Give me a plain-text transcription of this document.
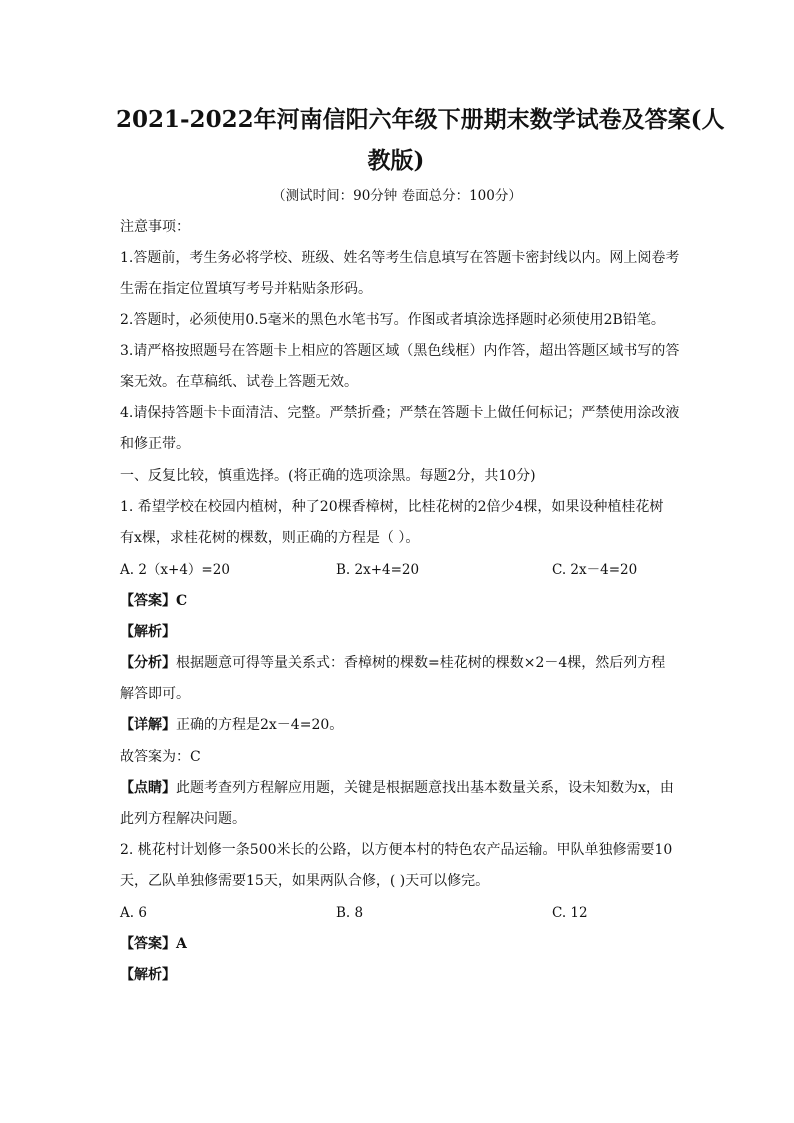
2021-2022年河南信阳六年级下册期末数学试卷及答案(人
教版)
（测试时间：90分钟 卷面总分：100分）
注意事项：
1.答题前，考生务必将学校、班级、姓名等考生信息填写在答题卡密封线以内。网上阅卷考
生需在指定位置填写考号并粘贴条形码。
2.答题时，必须使用0.5毫米的黑色水笔书写。作图或者填涂选择题时必须使用2B铅笔。
3.请严格按照题号在答题卡上相应的答题区域（黑色线框）内作答，超出答题区域书写的答
案无效。在草稿纸、试卷上答题无效。
4.请保持答题卡卡面清洁、完整。严禁折叠；严禁在答题卡上做任何标记；严禁使用涂改液
和修正带。
一、反复比较，慎重选择。(将正确的选项涂黑。每题2分，共10分)
1. 希望学校在校园内植树，种了20棵香樟树，比桂花树的2倍少4棵，如果设种植桂花树
有x棵，求桂花树的棵数，则正确的方程是（ ）。
A. 2（x+4）=20	B. 2x+4=20	C. 2x－4=20
【答案】C
【解析】
【分析】根据题意可得等量关系式：香樟树的棵数=桂花树的棵数×2－4棵，然后列方程
解答即可。
【详解】正确的方程是2x－4=20。
故答案为：C
【点睛】此题考查列方程解应用题，关键是根据题意找出基本数量关系，设未知数为x，由
此列方程解决问题。
2. 桃花村计划修一条500米长的公路，以方便本村的特色农产品运输。甲队单独修需要10
天，乙队单独修需要15天，如果两队合修，( )天可以修完。
A. 6	B. 8	C. 12
【答案】A
【解析】
